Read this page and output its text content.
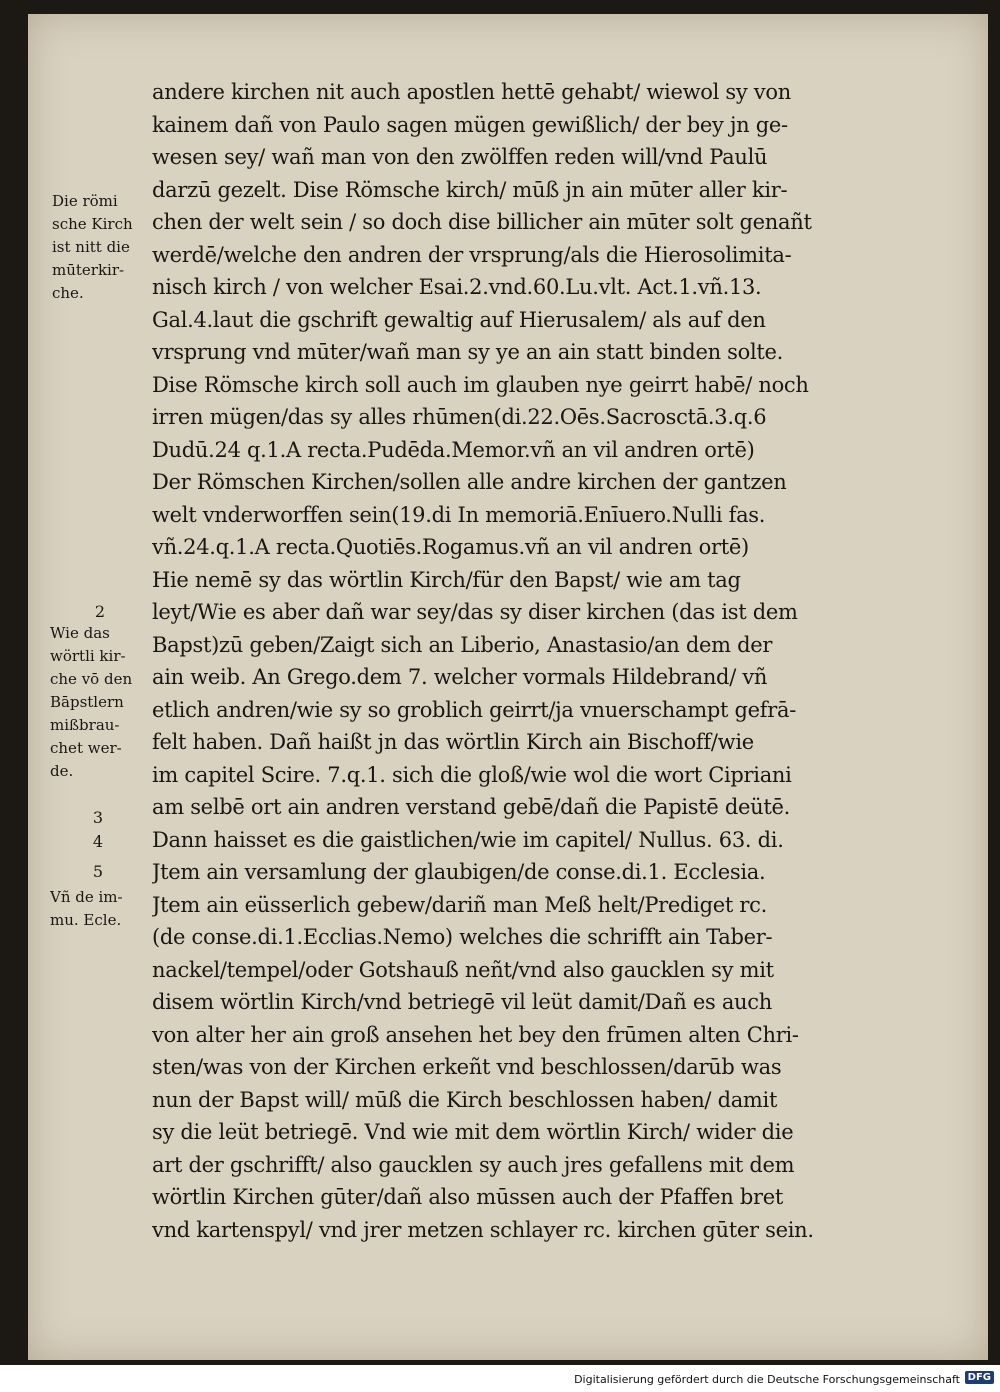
Die römi
sche Kirch
ist nitt die
mūterkir-
che.
2
Wie das
wörtli kir-
che vō den
Bāpstlern
mißbrau-
chet wer-
de.
3
4
5
Vñ de im-
mu. Ecle.
andere kirchen nit auch apostlen hettē gehabt/ wiewol sy von
kainem dañ von Paulo sagen mügen gewißlich/ der bey jn ge-
wesen sey/ wañ man von den zwölffen reden will/vnd Paulū
darzū gezelt. Dise Römsche kirch/ mūß jn ain mūter aller kir-
chen der welt sein / so doch dise billicher ain mūter solt genañt
werdē/welche den andren der vrsprung/als die Hierosolimita-
nisch kirch / von welcher Esai.2.vnd.60.Lu.vlt. Act.1.vñ.13.
Gal.4.laut die gschrift gewaltig auf Hierusalem/ als auf den
vrsprung vnd mūter/wañ man sy ye an ain statt binden solte.
Dise Römsche kirch soll auch im glauben nye geirrt habē/ noch
irren mügen/das sy alles rhūmen(di.22.Oēs.Sacrosctā.3.q.6
Dudū.24 q.1.A recta.Pudēda.Memor.vñ an vil andren ortē)
Der Römschen Kirchen/sollen alle andre kirchen der gantzen
welt vnderworffen sein(19.di In memoriā.Enīuero.Nulli fas.
vñ.24.q.1.A recta.Quotiēs.Rogamus.vñ an vil andren ortē)
Hie nemē sy das wörtlin Kirch/für den Bapst/ wie am tag
leyt/Wie es aber dañ war sey/das sy diser kirchen (das ist dem
Bapst)zū geben/Zaigt sich an Liberio, Anastasio/an dem der
ain weib. An Grego.dem 7. welcher vormals Hildebrand/ vñ
etlich andren/wie sy so groblich geirrt/ja vnuerschampt gefrā-
felt haben. Dañ haißt jn das wörtlin Kirch ain Bischoff/wie
im capitel Scire. 7.q.1. sich die gloß/wie wol die wort Cipriani
am selbē ort ain andren verstand gebē/dañ die Papistē deütē.
Dann haisset es die gaistlichen/wie im capitel/ Nullus. 63. di.
Jtem ain versamlung der glaubigen/de conse.di.1. Ecclesia.
Jtem ain eüsserlich gebew/dariñ man Meß helt/Prediget rc.
(de conse.di.1.Ecclias.Nemo) welches die schrifft ain Taber-
nackel/tempel/oder Gotshauß neñt/vnd also gaucklen sy mit
disem wörtlin Kirch/vnd betriegē vil leüt damit/Dañ es auch
von alter her ain groß ansehen het bey den frūmen alten Chri-
sten/was von der Kirchen erkeñt vnd beschlossen/darūb was
nun der Bapst will/ mūß die Kirch beschlossen haben/ damit
sy die leüt betriegē. Vnd wie mit dem wörtlin Kirch/ wider die
art der gschrifft/ also gaucklen sy auch jres gefallens mit dem
wörtlin Kirchen gūter/dañ also mūssen auch der Pfaffen bret
vnd kartenspyl/ vnd jrer metzen schlayer rc. kirchen gūter sein.
Digitalisierung gefördert durch die Deutsche Forschungsgemeinschaft DFG
